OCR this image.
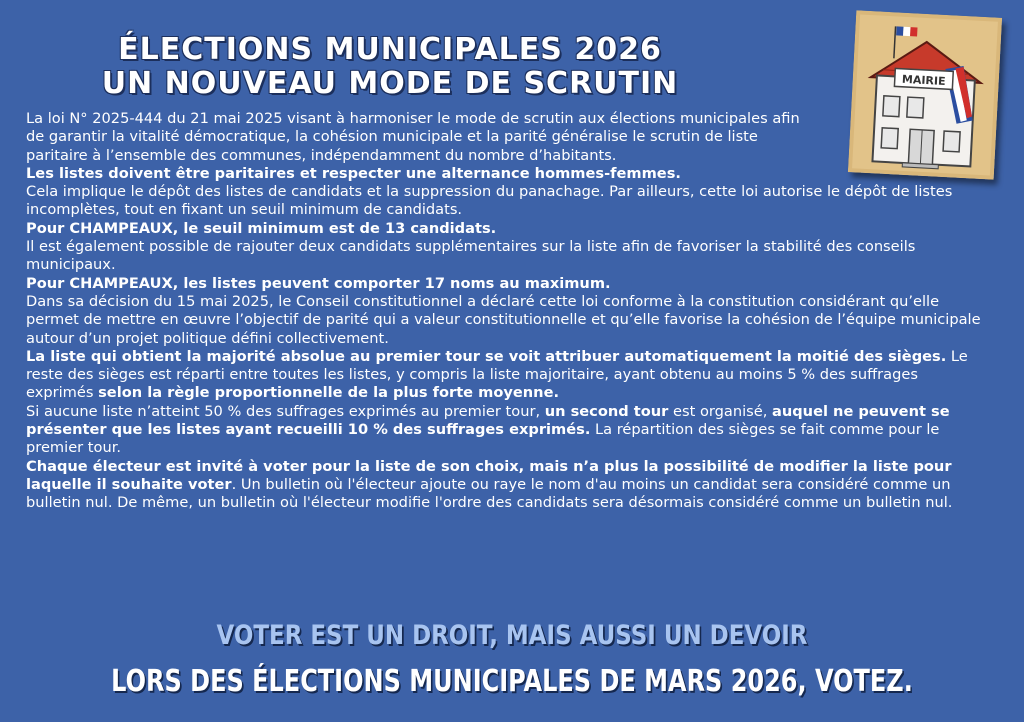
ÉLECTIONS MUNICIPALES 2026
UN NOUVEAU MODE DE SCRUTIN	MAIRIE

La loi N° 2025-444 du 21 mai 2025 visant à harmoniser le mode de scrutin aux élections municipales afin de garantir la vitalité démocratique, la cohésion municipale et la parité généralise le scrutin de liste paritaire à l’ensemble des communes, indépendamment du nombre d’habitants.

Les listes doivent être paritaires et respecter une alternance hommes-femmes.

Cela implique le dépôt des listes de candidats et la suppression du panachage. Par ailleurs, cette loi autorise le dépôt de listes incomplètes, tout en fixant un seuil minimum de candidats.

Pour CHAMPEAUX, le seuil minimum est de 13 candidats.

Il est également possible de rajouter deux candidats supplémentaires sur la liste afin de favoriser la stabilité des conseils municipaux.

Pour CHAMPEAUX, les listes peuvent comporter 17 noms au maximum.

Dans sa décision du 15 mai 2025, le Conseil constitutionnel a déclaré cette loi conforme à la constitution considérant qu’elle permet de mettre en œuvre l’objectif de parité qui a valeur constitutionnelle et qu’elle favorise la cohésion de l’équipe municipale autour d’un projet politique défini collectivement.

La liste qui obtient la majorité absolue au premier tour se voit attribuer automatiquement la moitié des sièges. Le reste des sièges est réparti entre toutes les listes, y compris la liste majoritaire, ayant obtenu au moins 5 % des suffrages exprimés selon la règle proportionnelle de la plus forte moyenne.

Si aucune liste n’atteint 50 % des suffrages exprimés au premier tour, un second tour est organisé, auquel ne peuvent se présenter que les listes ayant recueilli 10 % des suffrages exprimés. La répartition des sièges se fait comme pour le premier tour.

Chaque électeur est invité à voter pour la liste de son choix, mais n’a plus la possibilité de modifier la liste pour laquelle il souhaite voter. Un bulletin où l'électeur ajoute ou raye le nom d'au moins un candidat sera considéré comme un bulletin nul. De même, un bulletin où l'électeur modifie l'ordre des candidats sera désormais considéré comme un bulletin nul.

VOTER EST UN DROIT, MAIS AUSSI UN DEVOIR
LORS DES ÉLECTIONS MUNICIPALES DE MARS 2026, VOTEZ.
